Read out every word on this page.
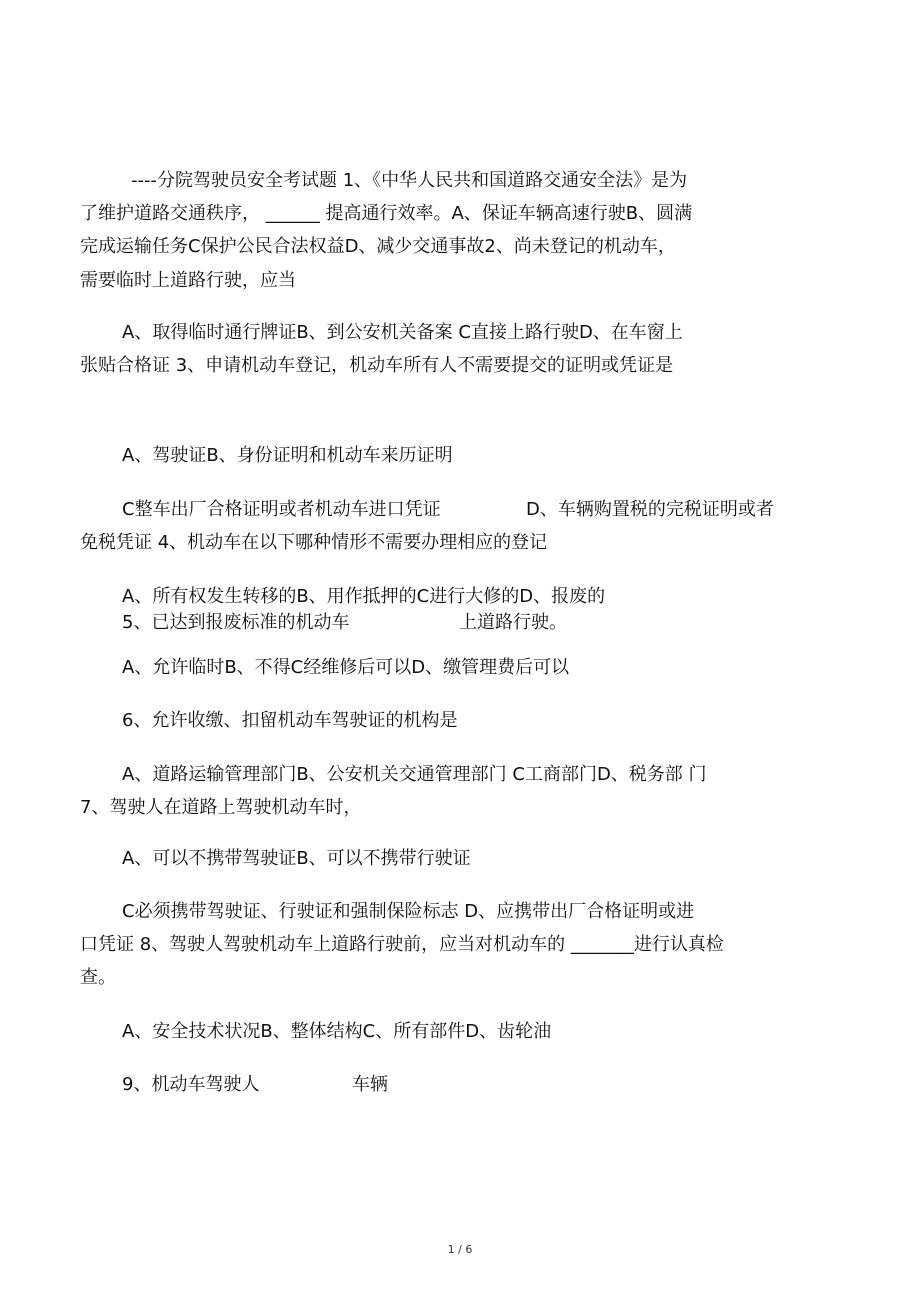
----分院驾驶员安全考试题 1、《中华人民共和国道路交通安全法》是为
了维护道路交通秩序， ______ 提高通行效率。A、保证车辆高速行驶B、圆满
完成运输任务C保护公民合法权益D、减少交通事故2、尚未登记的机动车，
需要临时上道路行驶，应当
A、取得临时通行牌证B、到公安机关备案 C直接上路行驶D、在车窗上
张贴合格证 3、申请机动车登记，机动车所有人不需要提交的证明或凭证是
A、驾驶证B、身份证明和机动车来历证明
C整车出厂合格证明或者机动车进口凭证	D、车辆购置税的完税证明或者
免税凭证 4、机动车在以下哪种情形不需要办理相应的登记
A、所有权发生转移的B、用作抵押的C进行大修的D、报废的
5、已达到报废标准的机动车	上道路行驶。
A、允许临时B、不得C经维修后可以D、缴管理费后可以
6、允许收缴、扣留机动车驾驶证的机构是
A、道路运输管理部门B、公安机关交通管理部门 C工商部门D、税务部 门
7、驾驶人在道路上驾驶机动车时，
A、可以不携带驾驶证B、可以不携带行驶证
C必须携带驾驶证、行驶证和强制保险标志 D、应携带出厂合格证明或进
口凭证 8、驾驶人驾驶机动车上道路行驶前，应当对机动车的 _______进行认真检
查。
A、安全技术状况B、整体结构C、所有部件D、齿轮油
9、机动车驾驶人	车辆
1 / 6
